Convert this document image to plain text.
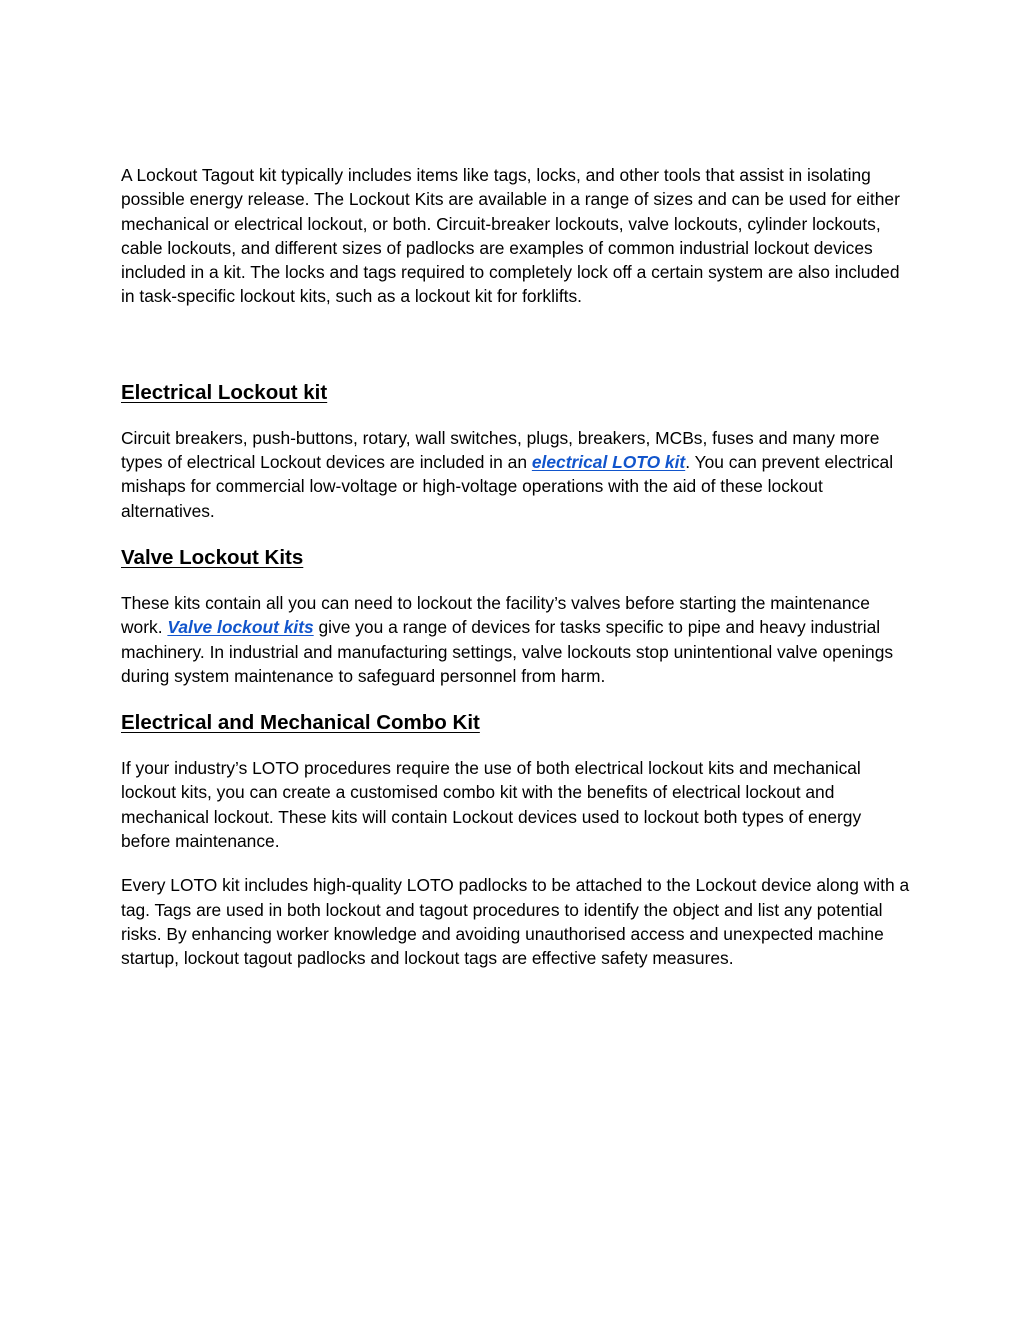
A Lockout Tagout kit typically includes items like tags, locks, and other tools that assist in isolating possible energy release. The Lockout Kits are available in a range of sizes and can be used for either mechanical or electrical lockout, or both. Circuit-breaker lockouts, valve lockouts, cylinder lockouts, cable lockouts, and different sizes of padlocks are examples of common industrial lockout devices included in a kit. The locks and tags required to completely lock off a certain system are also included in task-specific lockout kits, such as a lockout kit for forklifts.

Electrical Lockout kit

Circuit breakers, push-buttons, rotary, wall switches, plugs, breakers, MCBs, fuses and many more types of electrical Lockout devices are included in an electrical LOTO kit. You can prevent electrical mishaps for commercial low-voltage or high-voltage operations with the aid of these lockout alternatives.

Valve Lockout Kits

These kits contain all you can need to lockout the facility’s valves before starting the maintenance work. Valve lockout kits give you a range of devices for tasks specific to pipe and heavy industrial machinery. In industrial and manufacturing settings, valve lockouts stop unintentional valve openings during system maintenance to safeguard personnel from harm.

Electrical and Mechanical Combo Kit

If your industry’s LOTO procedures require the use of both electrical lockout kits and mechanical lockout kits, you can create a customised combo kit with the benefits of electrical lockout and mechanical lockout. These kits will contain Lockout devices used to lockout both types of energy before maintenance.

Every LOTO kit includes high-quality LOTO padlocks to be attached to the Lockout device along with a tag. Tags are used in both lockout and tagout procedures to identify the object and list any potential risks. By enhancing worker knowledge and avoiding unauthorised access and unexpected machine startup, lockout tagout padlocks and lockout tags are effective safety measures.
